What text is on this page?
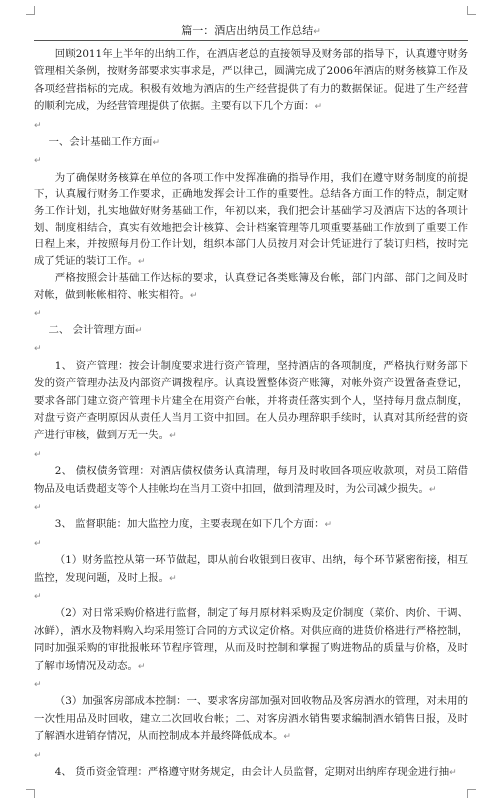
篇一：酒店出纳员工作总结↵
回顾2011年上半年的出纳工作，在酒店老总的直接领导及财务部的指导下，认真遵守财务管理相关条例，按财务部要求实事求是，严以律己，圆满完成了2006年酒店的财务核算工作及各项经营指标的完成。积极有效地为酒店的生产经营提供了有力的数据保证。促进了生产经营的顺利完成，为经营管理提供了依据。主要有以下几个方面：↵
↵
一、会计基础工作方面↵
↵
为了确保财务核算在单位的各项工作中发挥准确的指导作用，我们在遵守财务制度的前提下，认真履行财务工作要求，正确地发挥会计工作的重要性。总结各方面工作的特点，制定财务工作计划，扎实地做好财务基础工作，年初以来，我们把会计基础学习及酒店下达的各项计划、制度相结合，真实有效地把会计核算、会计档案管理等几项重要基础工作放到了重要工作日程上来，并按照每月份工作计划，组织本部门人员按月对会计凭证进行了装订归档，按时完成了凭证的装订工作。↵
严格按照会计基础工作达标的要求，认真登记各类账簿及台帐，部门内部、部门之间及时对帐，做到帐帐相符、帐实相符。↵
↵
二、 会计管理方面↵
↵
1、 资产管理：按会计制度要求进行资产管理，坚持酒店的各项制度，严格执行财务部下发的资产管理办法及内部资产调拨程序。认真设置整体资产账簿，对帐外资产设置备查登记，要求各部门建立资产管理卡片建全在用资产台帐，并将责任落实到个人，坚持每月盘点制度，对盘亏资产查明原因从责任人当月工资中扣回。在人员办理辞职手续时，认真对其所经营的资产进行审核，做到万无一失。↵
↵
2、 债权债务管理：对酒店债权债务认真清理，每月及时收回各项应收款项，对员工陪借物品及电话费超支等个人挂帐均在当月工资中扣回，做到清理及时，为公司减少损失。↵
↵
3、 监督职能：加大监控力度，主要表现在如下几个方面：↵
↵
（1）财务监控从第一环节做起，即从前台收银到日夜审、出纳，每个环节紧密衔接，相互监控，发现问题，及时上报。↵
↵
（2）对日常采购价格进行监督，制定了每月原材料采购及定价制度（菜价、肉价、干调、冰鲜），酒水及物料购入均采用签订合同的方式议定价格。对供应商的进货价格进行严格控制，同时加强采购的审批报帐环节程序管理，从而及时控制和掌握了购进物品的质量与价格，及时了解市场情况及动态。↵
↵
（3）加强客房部成本控制：一、要求客房部加强对回收物品及客房酒水的管理，对未用的一次性用品及时回收，建立二次回收台帐；二、对客房酒水销售要求编制酒水销售日报，及时了解酒水进销存情况，从而控制成本并最终降低成本。↵
↵
4、 货币资金管理：严格遵守财务规定，由会计人员监督，定期对出纳库存现金进行抽↵
